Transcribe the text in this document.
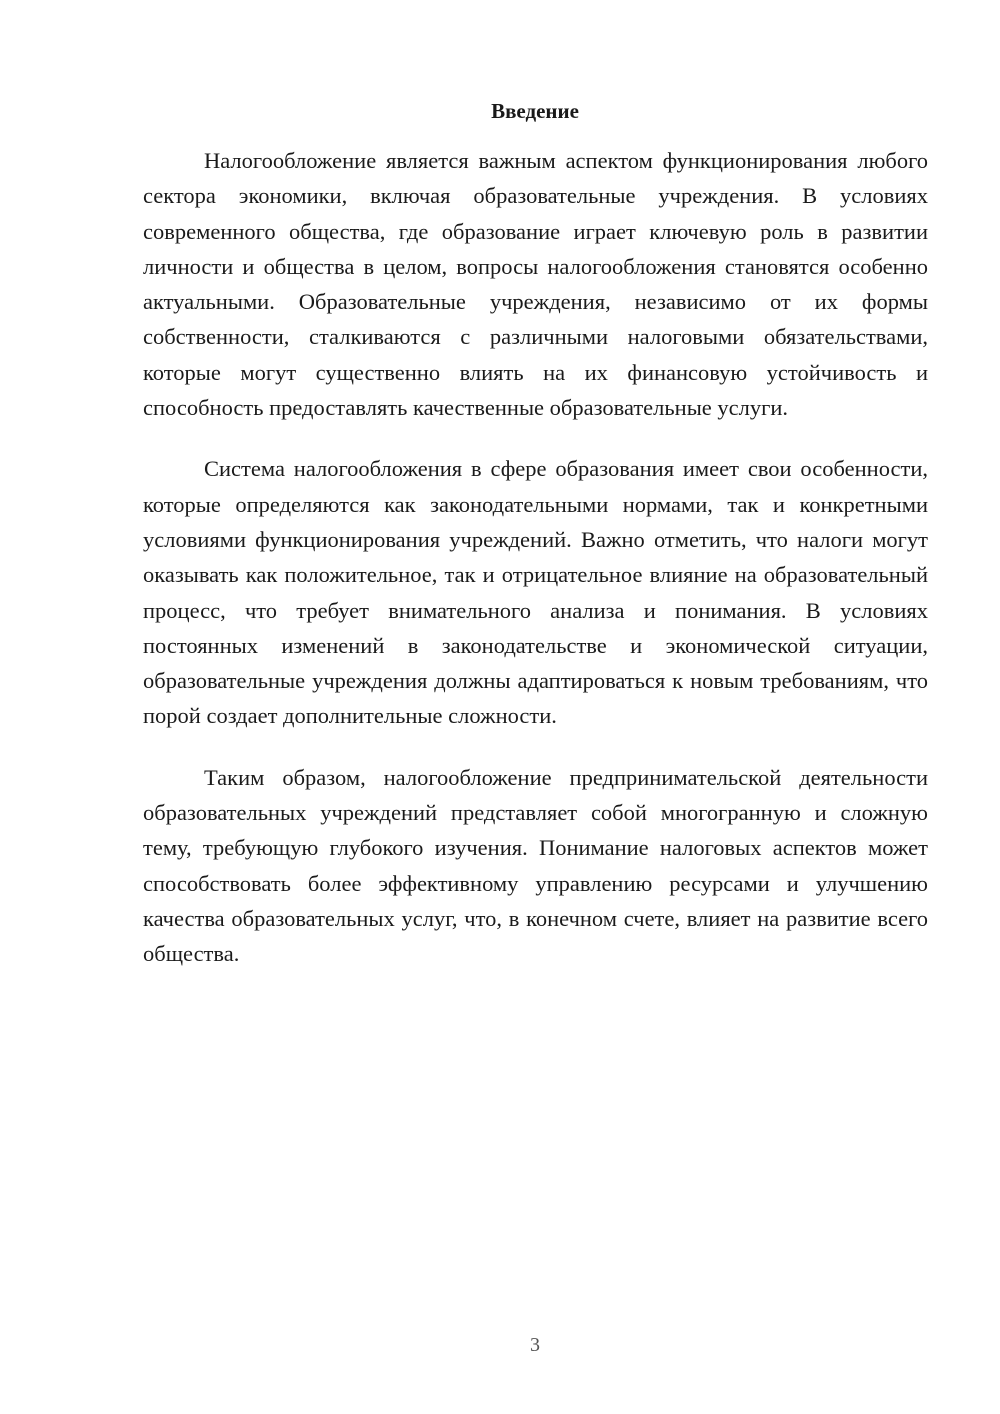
Введение

Налогообложение является важным аспектом функционирования любого сектора экономики, включая образовательные учреждения. В условиях современного общества, где образование играет ключевую роль в развитии личности и общества в целом, вопросы налогообложения становятся особенно актуальными. Образовательные учреждения, независимо от их формы собственности, сталкиваются с различными налоговыми обязательствами, которые могут существенно влиять на их финансовую устойчивость и способность предоставлять качественные образовательные услуги.

Система налогообложения в сфере образования имеет свои особенности, которые определяются как законодательными нормами, так и конкретными условиями функционирования учреждений. Важно отметить, что налоги могут оказывать как положительное, так и отрицательное влияние на образовательный процесс, что требует внимательного анализа и понимания. В условиях постоянных изменений в законодательстве и экономической ситуации, образовательные учреждения должны адаптироваться к новым требованиям, что порой создает дополнительные сложности.

Таким образом, налогообложение предпринимательской деятельности образовательных учреждений представляет собой многогранную и сложную тему, требующую глубокого изучения. Понимание налоговых аспектов может способствовать более эффективному управлению ресурсами и улучшению качества образовательных услуг, что, в конечном счете, влияет на развитие всего общества.

3
